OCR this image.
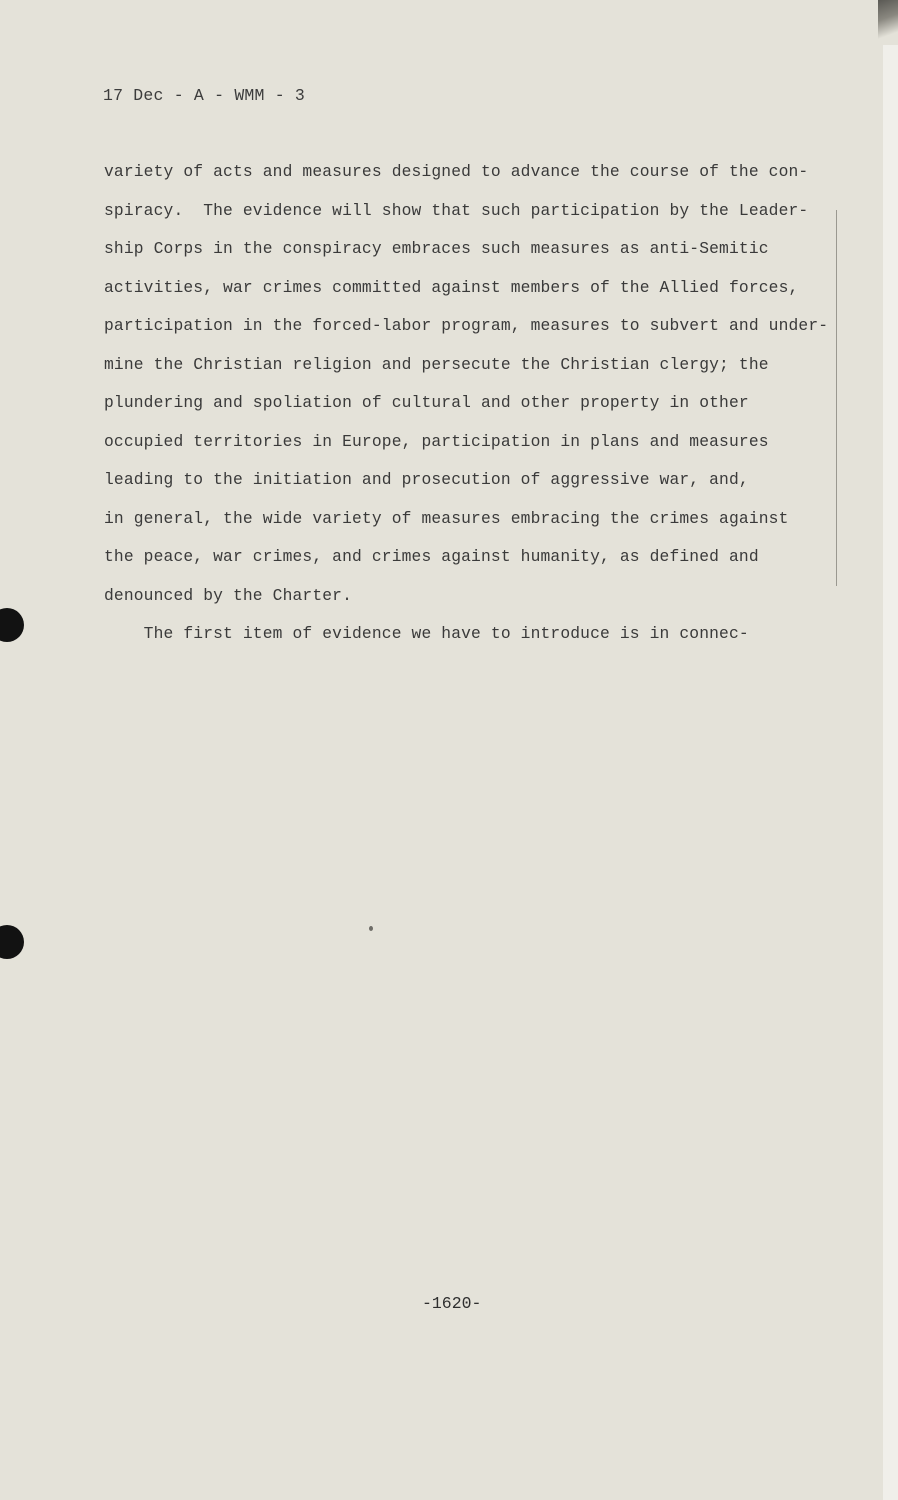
17 Dec - A - WMM - 3
variety of acts and measures designed to advance the course of the con-
spiracy.  The evidence will show that such participation by the Leader-
ship Corps in the conspiracy embraces such measures as anti-Semitic
activities, war crimes committed against members of the Allied forces,
participation in the forced-labor program, measures to subvert and under-
mine the Christian religion and persecute the Christian clergy; the
plundering and spoliation of cultural and other property in other
occupied territories in Europe, participation in plans and measures
leading to the initiation and prosecution of aggressive war, and,
in general, the wide variety of measures embracing the crimes against
the peace, war crimes, and crimes against humanity, as defined and
denounced by the Charter.
The first item of evidence we have to introduce is in connec-
-1620-
